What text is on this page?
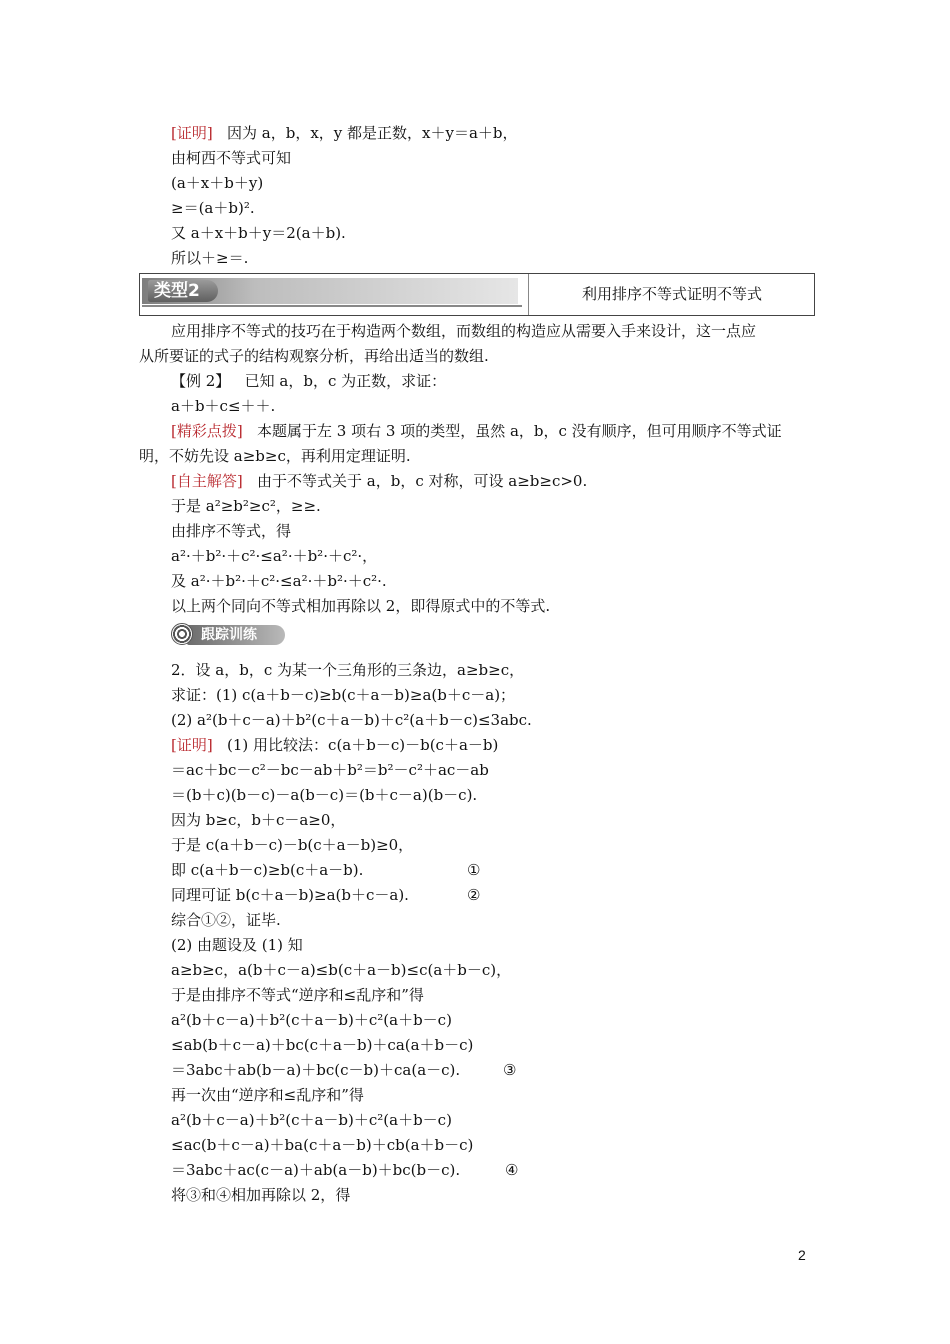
[证明] 因为 a，b，x，y 都是正数，x＋y＝a＋b，
由柯西不等式可知
(a＋x＋b＋y)
≥＝(a＋b)².
又 a＋x＋b＋y＝2(a＋b).
所以＋≥＝.
类型2	利用排序不等式证明不等式
应用排序不等式的技巧在于构造两个数组，而数组的构造应从需要入手来设计，这一点应
从所要证的式子的结构观察分析，再给出适当的数组.
【例 2】 已知 a，b，c 为正数，求证：
a＋b＋c≤＋＋.
[精彩点拨] 本题属于左 3 项右 3 项的类型，虽然 a，b，c 没有顺序，但可用顺序不等式证
明，不妨先设 a≥b≥c，再利用定理证明.
[自主解答] 由于不等式关于 a，b，c 对称，可设 a≥b≥c>0.
于是 a²≥b²≥c²，≥≥.
由排序不等式，得
a²·＋b²·＋c²·≤a²·＋b²·＋c²·，
及 a²·＋b²·＋c²·≤a²·＋b²·＋c²·.
以上两个同向不等式相加再除以 2，即得原式中的不等式.
跟踪训练
2．设 a，b，c 为某一个三角形的三条边，a≥b≥c，
求证：(1) c(a＋b－c)≥b(c＋a－b)≥a(b＋c－a)；
(2) a²(b＋c－a)＋b²(c＋a－b)＋c²(a＋b－c)≤3abc.
[证明] (1) 用比较法：c(a＋b－c)－b(c＋a－b)
＝ac＋bc－c²－bc－ab＋b²＝b²－c²＋ac－ab
＝(b＋c)(b－c)－a(b－c)＝(b＋c－a)(b－c).
因为 b≥c，b＋c－a≥0，
于是 c(a＋b－c)－b(c＋a－b)≥0，
即 c(a＋b－c)≥b(c＋a－b).	①
同理可证 b(c＋a－b)≥a(b＋c－a).	②
综合①②，证毕.
(2) 由题设及 (1) 知
a≥b≥c，a(b＋c－a)≤b(c＋a－b)≤c(a＋b－c)，
于是由排序不等式“逆序和≤乱序和”得
a²(b＋c－a)＋b²(c＋a－b)＋c²(a＋b－c)
≤ab(b＋c－a)＋bc(c＋a－b)＋ca(a＋b－c)
＝3abc＋ab(b－a)＋bc(c－b)＋ca(a－c).	③
再一次由“逆序和≤乱序和”得
a²(b＋c－a)＋b²(c＋a－b)＋c²(a＋b－c)
≤ac(b＋c－a)＋ba(c＋a－b)＋cb(a＋b－c)
＝3abc＋ac(c－a)＋ab(a－b)＋bc(b－c).	④
将③和④相加再除以 2，得
2
